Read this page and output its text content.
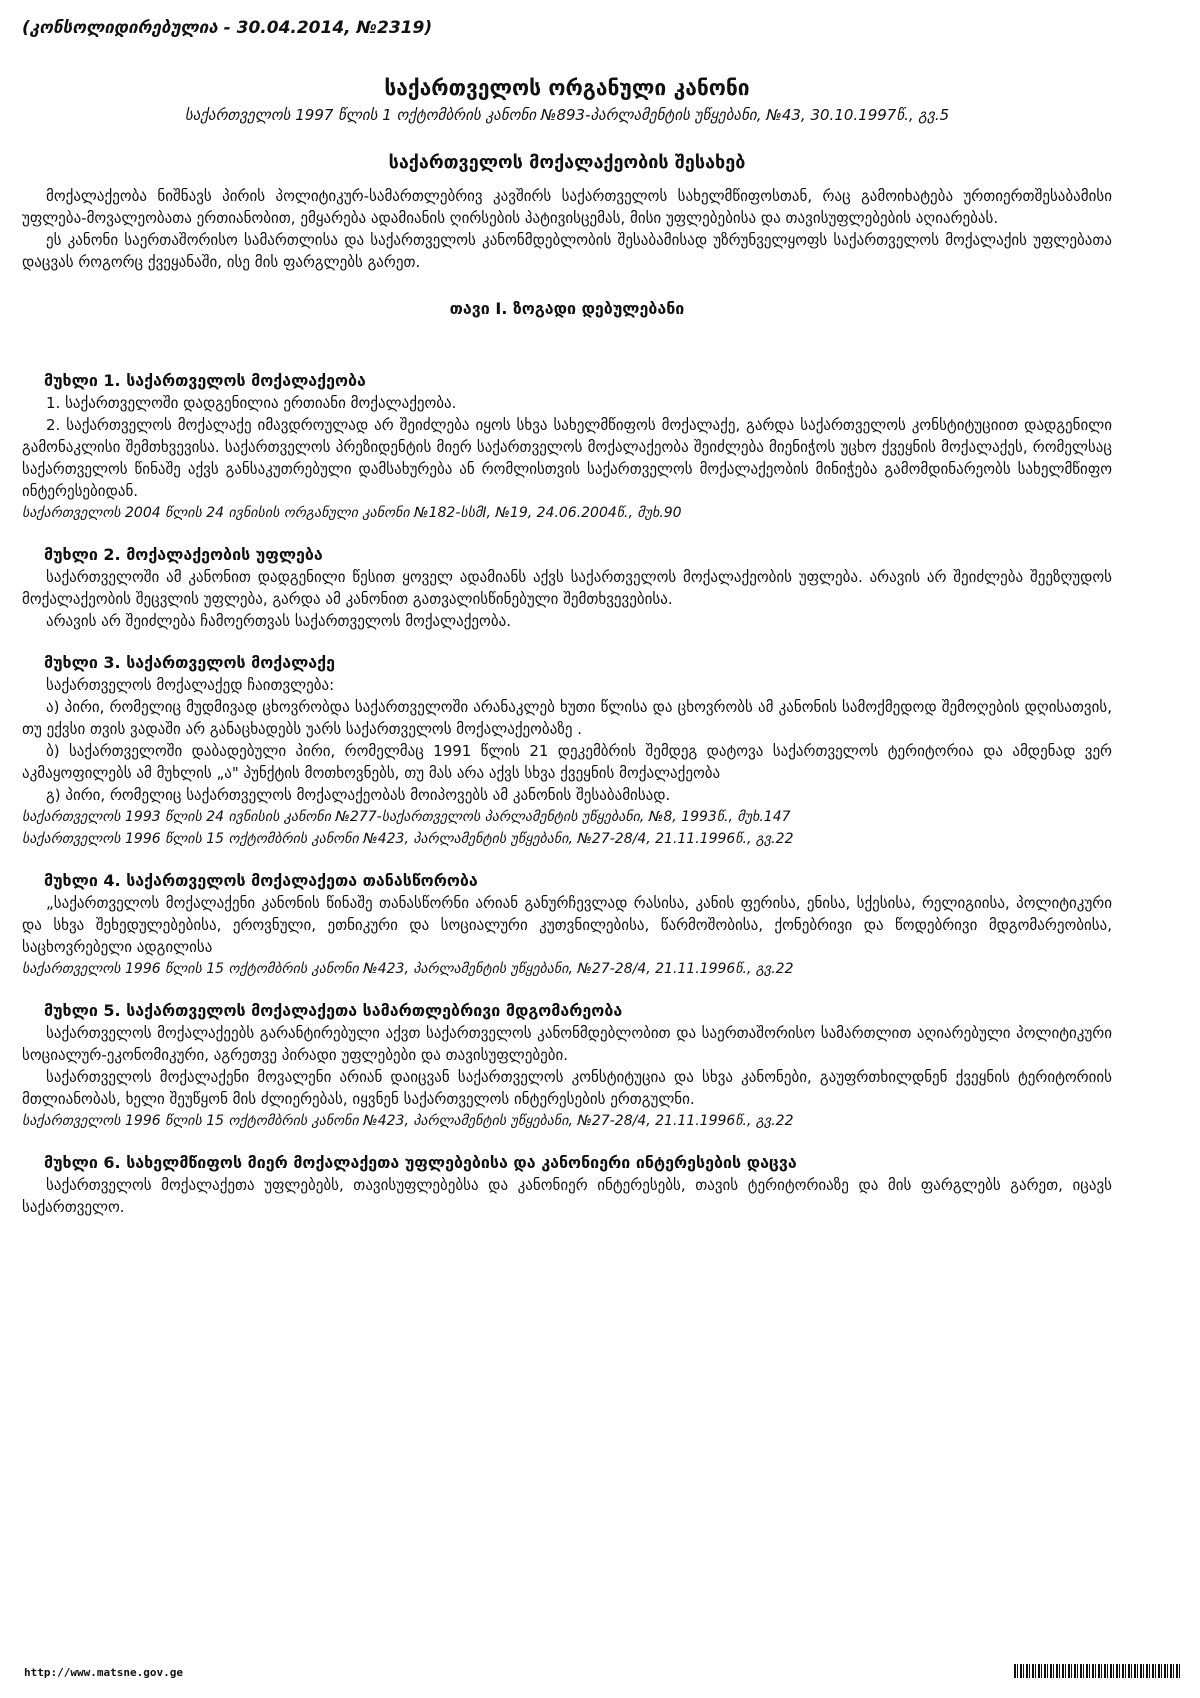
(კონსოლიდირებულია - 30.04.2014, №2319)

საქართველოს ორგანული კანონი

საქართველოს 1997 წლის 1 ოქტომბრის კანონი №893-პარლამენტის უწყებანი, №43, 30.10.1997წ., გვ.5

საქართველოს მოქალაქეობის შესახებ

მოქალაქეობა ნიშნავს პირის პოლიტიკურ-სამართლებრივ კავშირს საქართველოს სახელმწიფოსთან, რაც გამოიხატება ურთიერთშესაბამისი უფლება-მოვალეობათა ერთიანობით, ემყარება ადამიანის ღირსების პატივისცემას, მისი უფლებებისა და თავისუფლებების აღიარებას.

ეს კანონი საერთაშორისო სამართლისა და საქართველოს კანონმდებლობის შესაბამისად უზრუნველყოფს საქართველოს მოქალაქის უფლებათა დაცვას როგორც ქვეყანაში, ისე მის ფარგლებს გარეთ.

თავი I. ზოგადი დებულებანი

მუხლი 1. საქართველოს მოქალაქეობა

1. საქართველოში დადგენილია ერთიანი მოქალაქეობა.

2. საქართველოს მოქალაქე იმავდროულად არ შეიძლება იყოს სხვა სახელმწიფოს მოქალაქე, გარდა საქართველოს კონსტიტუციით დადგენილი გამონაკლისი შემთხვევისა. საქართველოს პრეზიდენტის მიერ საქართველოს მოქალაქეობა შეიძლება მიენიჭოს უცხო ქვეყნის მოქალაქეს, რომელსაც საქართველოს წინაშე აქვს განსაკუთრებული დამსახურება ან რომლისთვის საქართველოს მოქალაქეობის მინიჭება გამომდინარეობს სახელმწიფო ინტერესებიდან.

საქართველოს 2004 წლის 24 ივნისის ორგანული კანონი №182-სსმI, №19, 24.06.2004წ., მუხ.90

მუხლი 2. მოქალაქეობის უფლება

საქართველოში ამ კანონით დადგენილი წესით ყოველ ადამიანს აქვს საქართველოს მოქალაქეობის უფლება. არავის არ შეიძლება შეეზღუდოს მოქალაქეობის შეცვლის უფლება, გარდა ამ კანონით გათვალისწინებული შემთხვევებისა.

არავის არ შეიძლება ჩამოერთვას საქართველოს მოქალაქეობა.

მუხლი 3. საქართველოს მოქალაქე

საქართველოს მოქალაქედ ჩაითვლება:

ა) პირი, რომელიც მუდმივად ცხოვრობდა საქართველოში არანაკლებ ხუთი წლისა და ცხოვრობს ამ კანონის სამოქმედოდ შემოღების დღისათვის, თუ ექვსი თვის ვადაში არ განაცხადებს უარს საქართველოს მოქალაქეობაზე .

ბ) საქართველოში დაბადებული პირი, რომელმაც 1991 წლის 21 დეკემბრის შემდეგ დატოვა საქართველოს ტერიტორია და ამდენად ვერ აკმაყოფილებს ამ მუხლის „ა" პუნქტის მოთხოვნებს, თუ მას არა აქვს სხვა ქვეყნის მოქალაქეობა

გ) პირი, რომელიც საქართველოს მოქალაქეობას მოიპოვებს ამ კანონის შესაბამისად.

საქართველოს 1993 წლის 24 ივნისის კანონი №277-საქართველოს პარლამენტის უწყებანი, №8, 1993წ., მუხ.147

საქართველოს 1996 წლის 15 ოქტომბრის კანონი №423, პარლამენტის უწყებანი, №27-28/4, 21.11.1996წ., გვ.22

მუხლი 4. საქართველოს მოქალაქეთა თანასწორობა

„საქართველოს მოქალაქენი კანონის წინაშე თანასწორნი არიან განურჩევლად რასისა, კანის ფერისა, ენისა, სქესისა, რელიგიისა, პოლიტიკური და სხვა შეხედულებებისა, ეროვნული, ეთნიკური და სოციალური კუთვნილებისა, წარმოშობისა, ქონებრივი და წოდებრივი მდგომარეობისა, საცხოვრებელი ადგილისა

საქართველოს 1996 წლის 15 ოქტომბრის კანონი №423, პარლამენტის უწყებანი, №27-28/4, 21.11.1996წ., გვ.22

მუხლი 5. საქართველოს მოქალაქეთა სამართლებრივი მდგომარეობა

საქართველოს მოქალაქეებს გარანტირებული აქვთ საქართველოს კანონმდებლობით და საერთაშორისო სამართლით აღიარებული პოლიტიკური სოციალურ-ეკონომიკური, აგრეთვე პირადი უფლებები და თავისუფლებები.

საქართველოს მოქალაქენი მოვალენი არიან დაიცვან საქართველოს კონსტიტუცია და სხვა კანონები, გაუფრთხილდნენ ქვეყნის ტერიტორიის მთლიანობას, ხელი შეუწყონ მის ძლიერებას, იყვნენ საქართველოს ინტერესების ერთგულნი.

საქართველოს 1996 წლის 15 ოქტომბრის კანონი №423, პარლამენტის უწყებანი, №27-28/4, 21.11.1996წ., გვ.22

მუხლი 6. სახელმწიფოს მიერ მოქალაქეთა უფლებებისა და კანონიერი ინტერესების დაცვა

საქართველოს მოქალაქეთა უფლებებს, თავისუფლებებსა და კანონიერ ინტერესებს, თავის ტერიტორიაზე და მის ფარგლებს გარეთ, იცავს საქართველო.

http://www.matsne.gov.ge
